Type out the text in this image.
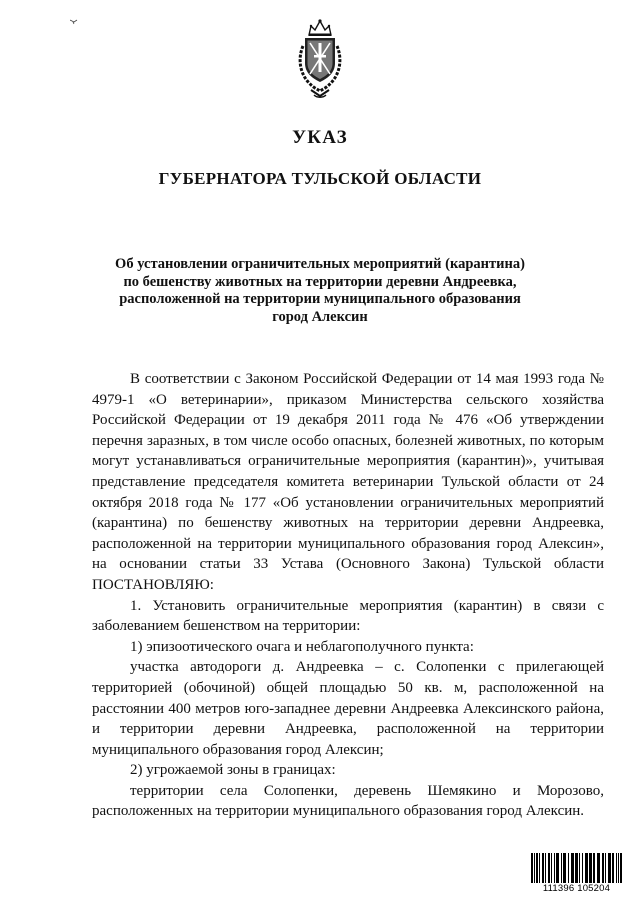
УКАЗ
ГУБЕРНАТОРА ТУЛЬСКОЙ ОБЛАСТИ
Об установлении ограничительных мероприятий (карантина)
по бешенству животных на территории деревни Андреевка,
расположенной на территории муниципального образования
город Алексин

В соответствии с Законом Российской Федерации от 14 мая 1993 года № 4979-1 «О ветеринарии», приказом Министерства сельского хозяйства Российской Федерации от 19 декабря 2011 года № 476 «Об утверждении перечня заразных, в том числе особо опасных, болезней животных, по которым могут устанавливаться ограничительные мероприятия (карантин)», учитывая представление председателя комитета ветеринарии Тульской области от 24 октября 2018 года № 177 «Об установлении ограничительных мероприятий (карантина) по бешенству животных на территории деревни Андреевка, расположенной на территории муниципального образования город Алексин», на основании статьи 33 Устава (Основного Закона) Тульской области ПОСТАНОВЛЯЮ:

1. Установить ограничительные мероприятия (карантин) в связи с заболеванием бешенством на территории:

1) эпизоотического очага и неблагополучного пункта:

участка автодороги д. Андреевка – с. Солопенки с прилегающей территорией (обочиной) общей площадью 50 кв. м, расположенной на расстоянии 400 метров юго-западнее деревни Андреевка Алексинского района, и территории деревни Андреевка, расположенной на территории муниципального образования город Алексин;

2) угрожаемой зоны в границах:

территории села Солопенки, деревень Шемякино и Морозово, расположенных на территории муниципального образования город Алексин.

111396 105204
